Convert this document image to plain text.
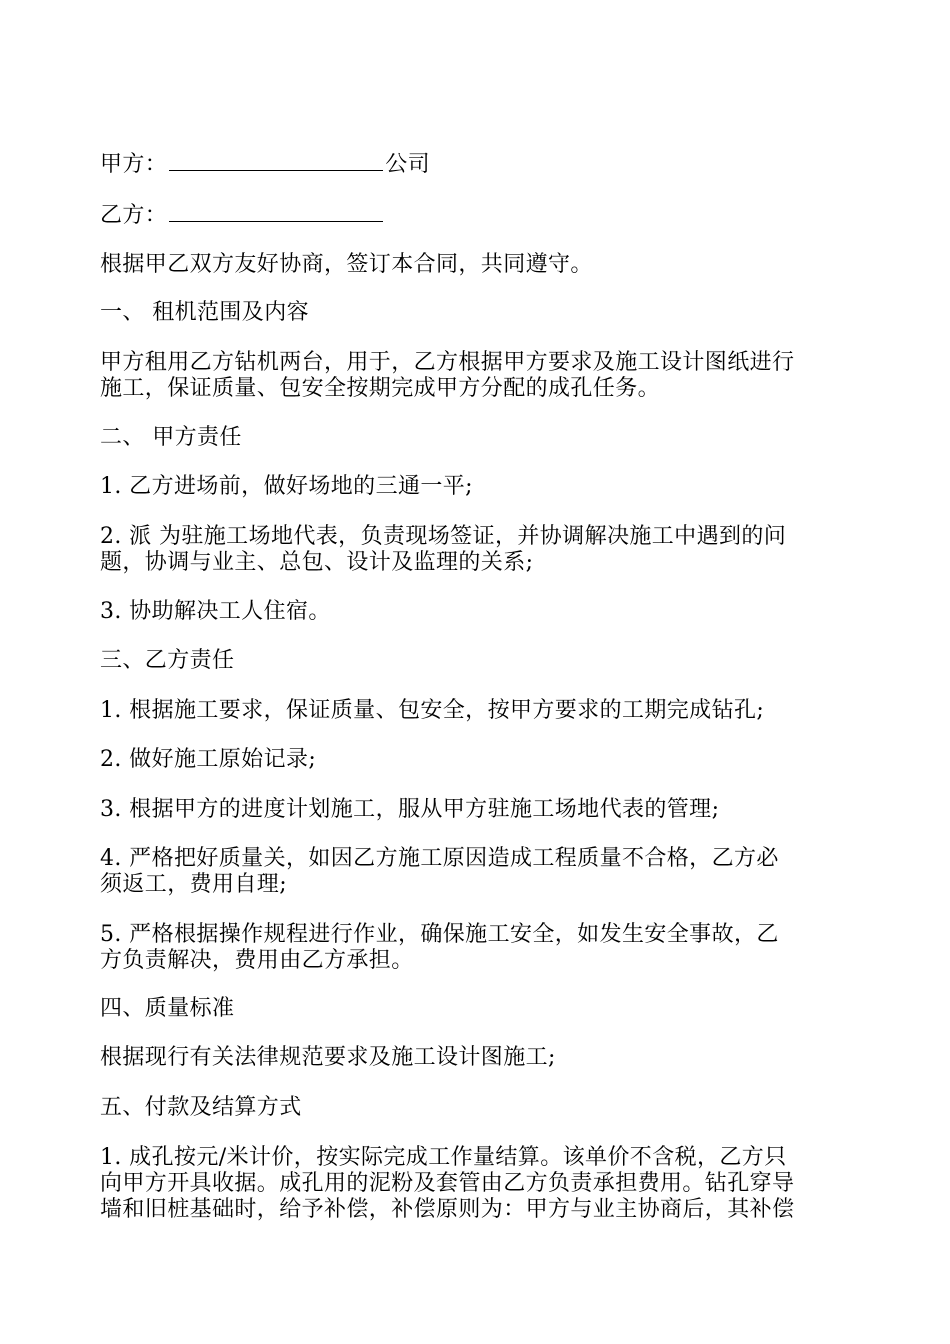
甲方：	公司
乙方：
根据甲乙双方友好协商，签订本合同，共同遵守。
一、 租机范围及内容
甲方租用乙方钻机两台，用于，乙方根据甲方要求及施工设计图纸进行
施工，保证质量、包安全按期完成甲方分配的成孔任务。
二、 甲方责任
1. 乙方进场前，做好场地的三通一平;
2. 派 为驻施工场地代表，负责现场签证，并协调解决施工中遇到的问
题，协调与业主、总包、设计及监理的关系;
3. 协助解决工人住宿。
三、乙方责任
1. 根据施工要求，保证质量、包安全，按甲方要求的工期完成钻孔;
2. 做好施工原始记录;
3. 根据甲方的进度计划施工，服从甲方驻施工场地代表的管理;
4. 严格把好质量关，如因乙方施工原因造成工程质量不合格，乙方必
须返工，费用自理;
5. 严格根据操作规程进行作业，确保施工安全，如发生安全事故，乙
方负责解决，费用由乙方承担。
四、质量标准
根据现行有关法律规范要求及施工设计图施工;
五、付款及结算方式
1. 成孔按元/米计价，按实际完成工作量结算。该单价不含税，乙方只
向甲方开具收据。成孔用的泥粉及套管由乙方负责承担费用。钻孔穿导
墙和旧桩基础时，给予补偿，补偿原则为：甲方与业主协商后，其补偿
